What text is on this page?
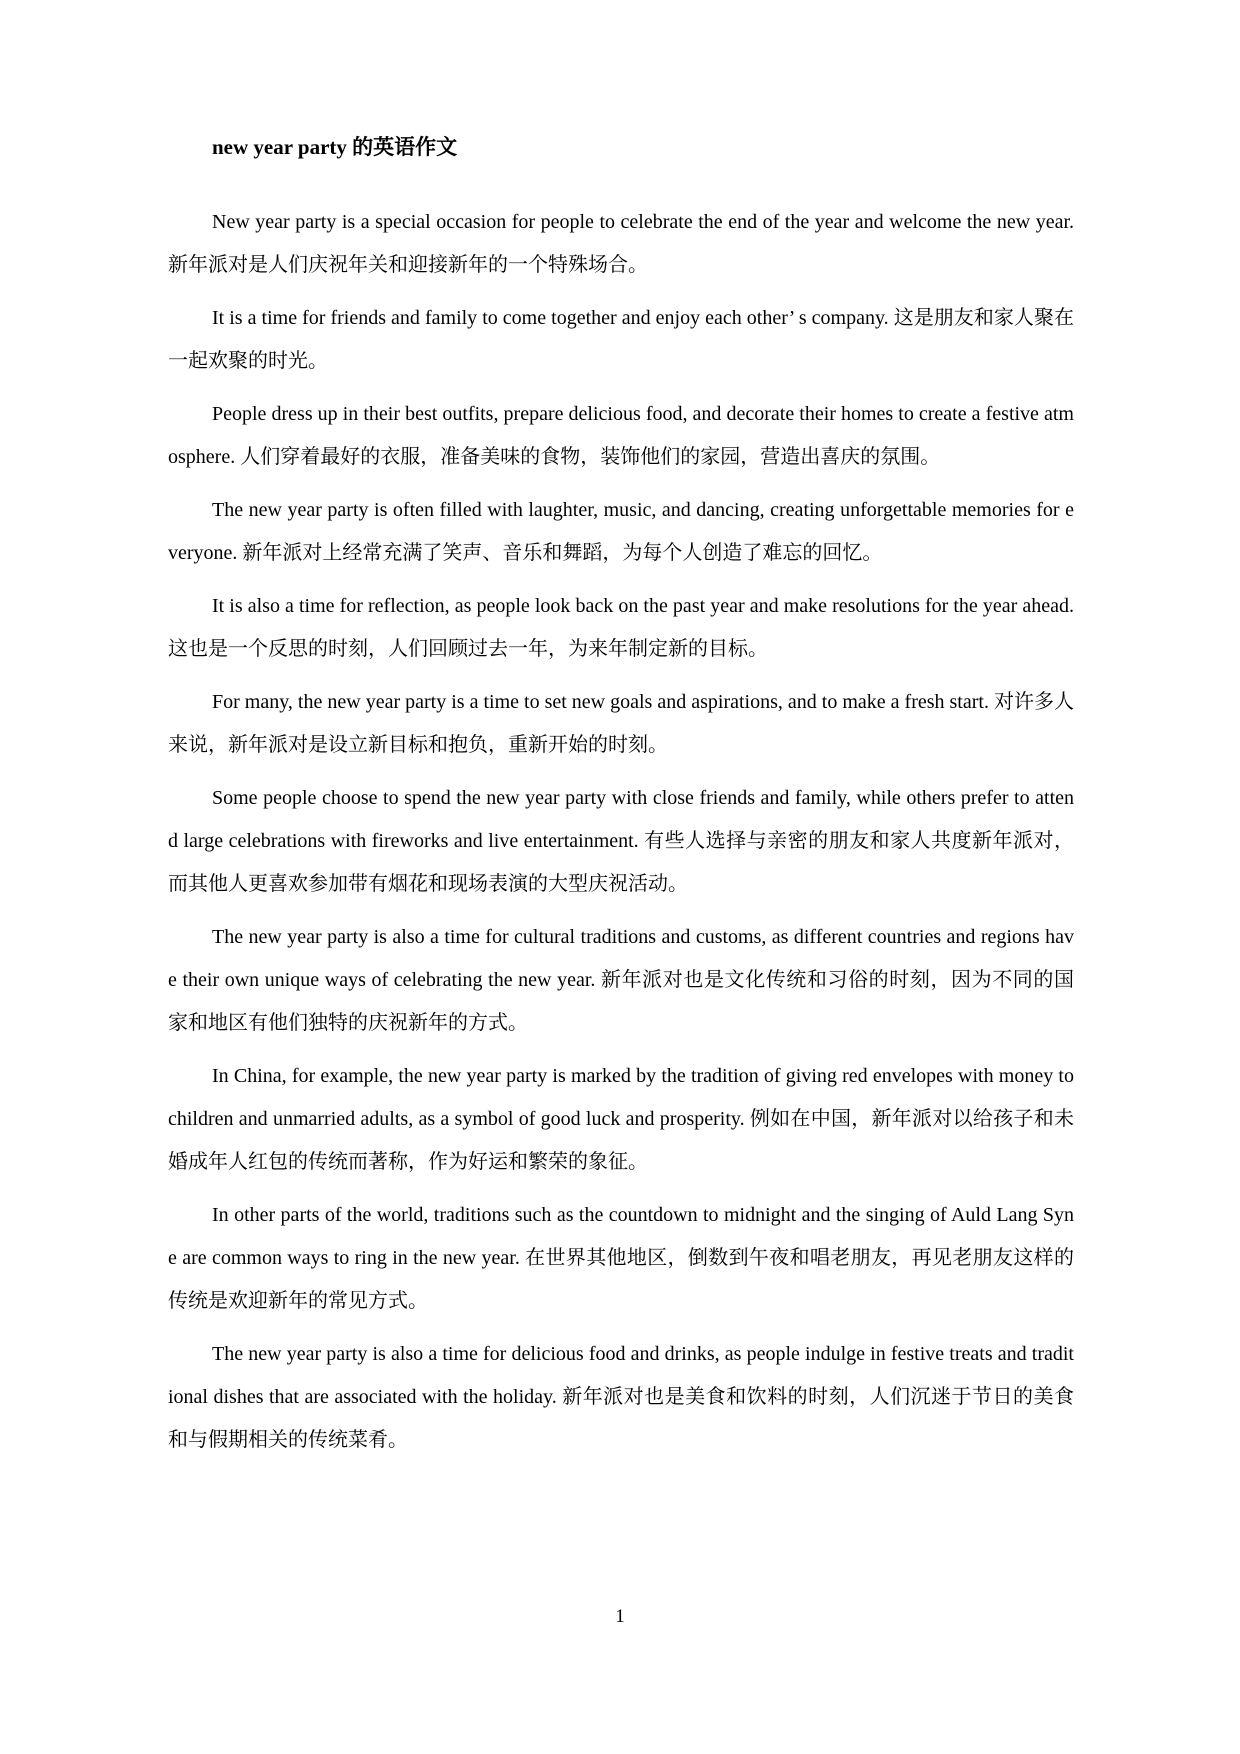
new year party 的英语作文

New year party is a special occasion for people to celebrate the end of the year and welcome the new year. 新年派对是人们庆祝年关和迎接新年的一个特殊场合。

It is a time for friends and family to come together and enjoy each other’ s company. 这是朋友和家人聚在一起欢聚的时光。

People dress up in their best outfits, prepare delicious food, and decorate their homes to create a festive atmosphere. 人们穿着最好的衣服，准备美味的食物，装饰他们的家园，营造出喜庆的氛围。

The new year party is often filled with laughter, music, and dancing, creating unforgettable memories for everyone. 新年派对上经常充满了笑声、音乐和舞蹈，为每个人创造了难忘的回忆。

It is also a time for reflection, as people look back on the past year and make resolutions for the year ahead. 这也是一个反思的时刻，人们回顾过去一年，为来年制定新的目标。

For many, the new year party is a time to set new goals and aspirations, and to make a fresh start. 对许多人来说，新年派对是设立新目标和抱负，重新开始的时刻。

Some people choose to spend the new year party with close friends and family, while others prefer to attend large celebrations with fireworks and live entertainment. 有些人选择与亲密的朋友和家人共度新年派对，而其他人更喜欢参加带有烟花和现场表演的大型庆祝活动。

The new year party is also a time for cultural traditions and customs, as different countries and regions have their own unique ways of celebrating the new year. 新年派对也是文化传统和习俗的时刻，因为不同的国家和地区有他们独特的庆祝新年的方式。

In China, for example, the new year party is marked by the tradition of giving red envelopes with money to children and unmarried adults, as a symbol of good luck and prosperity. 例如在中国，新年派对以给孩子和未婚成年人红包的传统而著称，作为好运和繁荣的象征。

In other parts of the world, traditions such as the countdown to midnight and the singing of Auld Lang Syne are common ways to ring in the new year. 在世界其他地区，倒数到午夜和唱老朋友，再见老朋友这样的传统是欢迎新年的常见方式。

The new year party is also a time for delicious food and drinks, as people indulge in festive treats and traditional dishes that are associated with the holiday. 新年派对也是美食和饮料的时刻，人们沉迷于节日的美食和与假期相关的传统菜肴。

1
